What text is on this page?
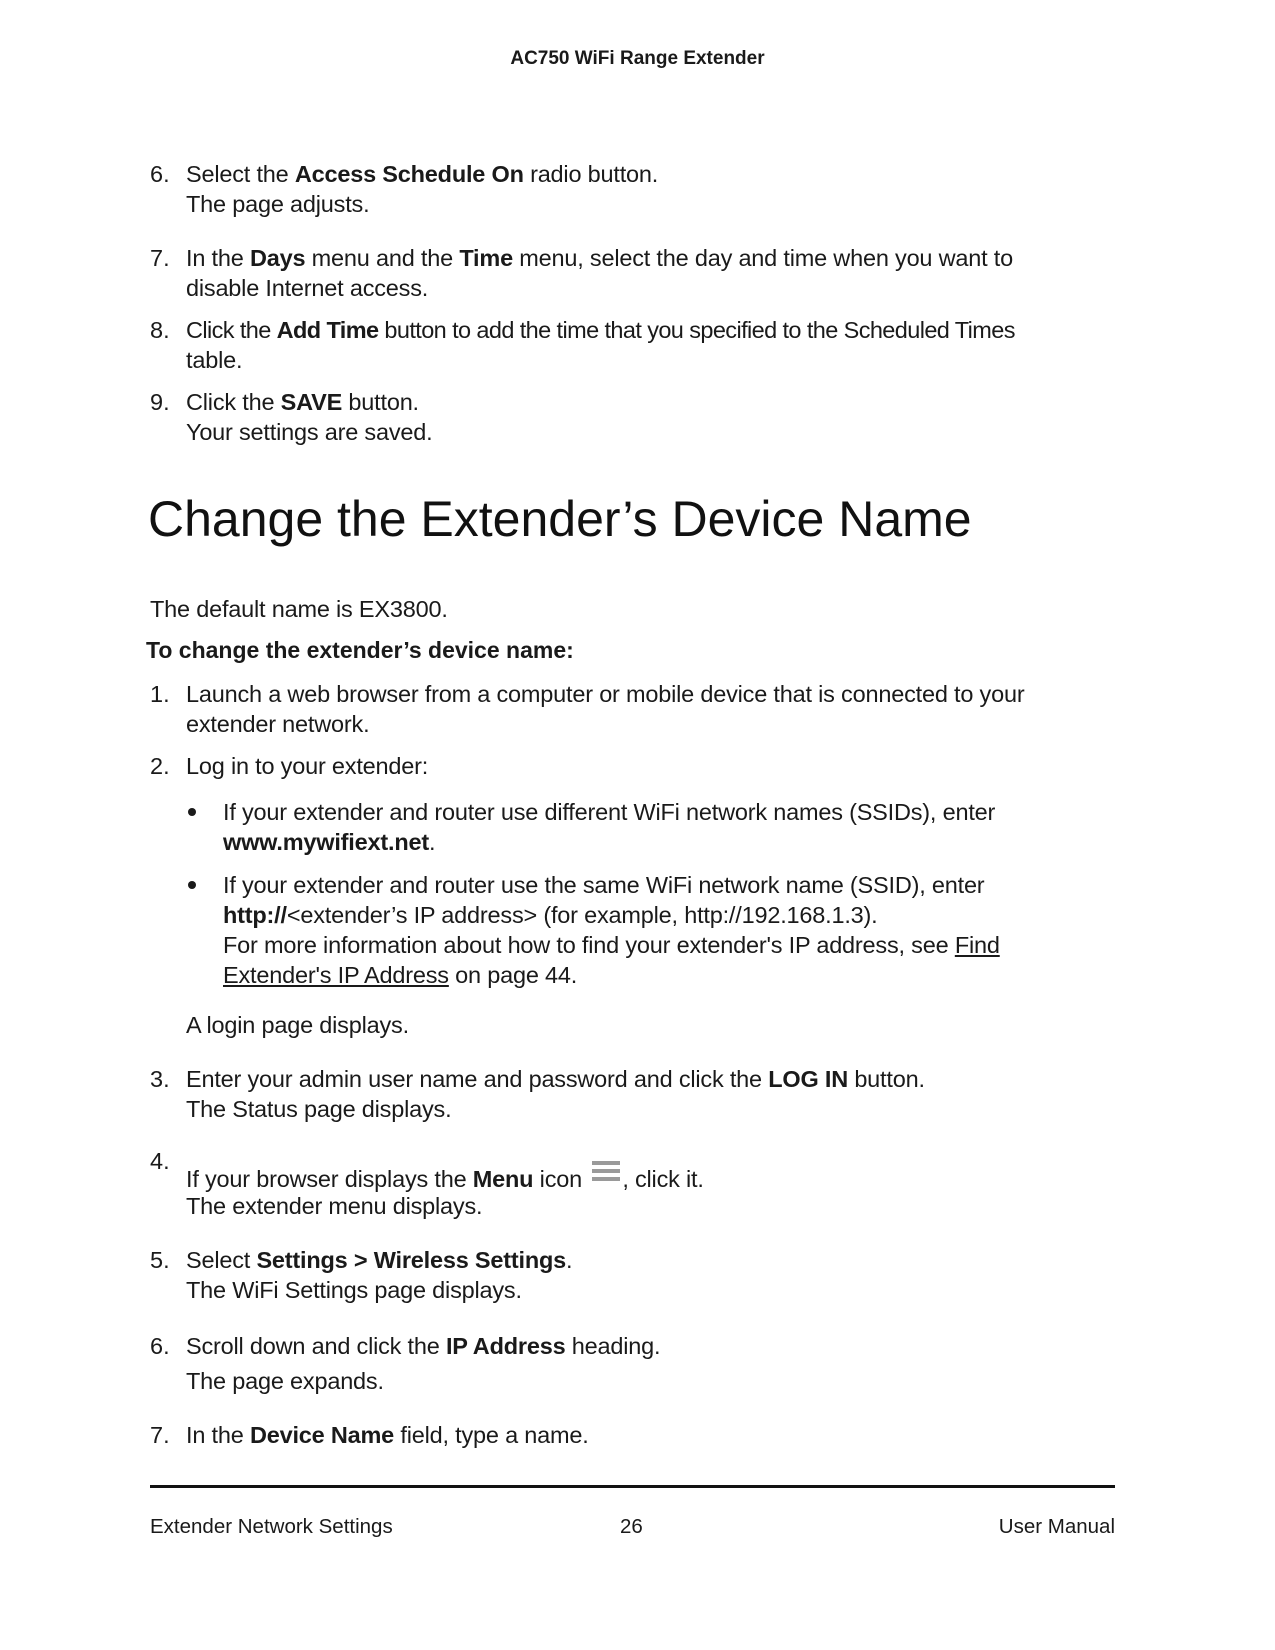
AC750 WiFi Range Extender
6. Select the Access Schedule On radio button.
The page adjusts.
7. In the Days menu and the Time menu, select the day and time when you want to
disable Internet access.
8. Click the Add Time button to add the time that you specified to the Scheduled Times
table.
9. Click the SAVE button.
Your settings are saved.
Change the Extender’s Device Name
The default name is EX3800.
To change the extender’s device name:
1. Launch a web browser from a computer or mobile device that is connected to your
extender network.
2. Log in to your extender:
If your extender and router use different WiFi network names (SSIDs), enter
www.mywifiext.net.
If your extender and router use the same WiFi network name (SSID), enter
http://<extender’s IP address> (for example, http://192.168.1.3).
For more information about how to find your extender's IP address, see Find
Extender's IP Address on page 44.
A login page displays.
3. Enter your admin user name and password and click the LOG IN button.
The Status page displays.
4.
If your browser displays the Menu icon
, click it.
The extender menu displays.
5. Select Settings > Wireless Settings.
The WiFi Settings page displays.
6. Scroll down and click the IP Address heading.
The page expands.
7. In the Device Name field, type a name.
Extender Network Settings	26	User Manual
